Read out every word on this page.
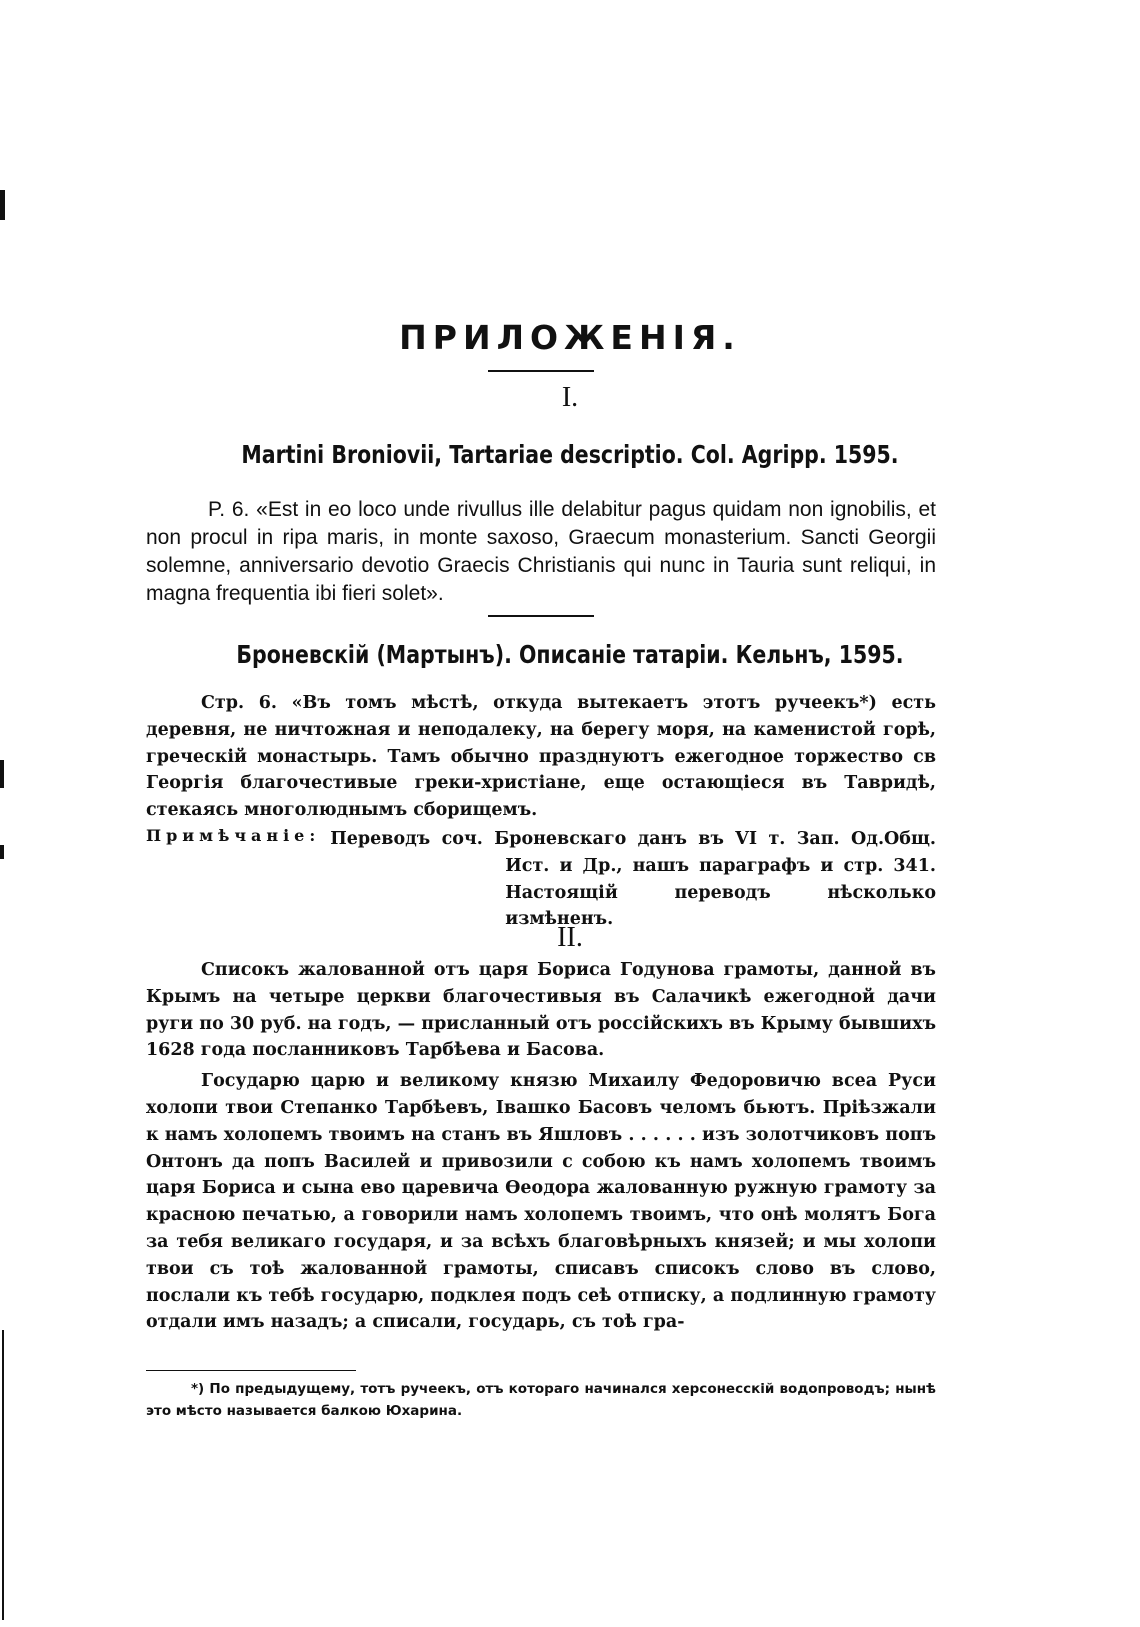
ПРИЛОЖЕНІЯ.
I.
Martini Broniovii, Tartariae descriptio. Col. Agripp. 1595.
P. 6. «Est in eo loco unde rivullus ille delabitur pagus quidam non ignobilis, et non proᴄul in ripa maris, in monte saxoso, Graecum monasterium. Sancti Georgii solemne, anniversario devotio Graecis Christianis qui nunc in Tauria sunt reliqui, in magna frequentia ibi fieri solet».
Броневскій (Мартынъ). Описаніе татаріи. Кельнъ, 1595.

Стр. 6. «Въ томъ мѣстѣ, откуда вытекаетъ этотъ ручеекъ*) есть деревня, не ничтожная и неподалеку, на берегу моря, на каменистой горѣ, греческій монастырь. Тамъ обычно празднуютъ ежегодное торжество св Георгія благочестивые греки-христіане, еще остающіеся въ Тавридѣ, стекаясь многолюднымъ сборищемъ.

Примѣчаніе: Переводъ соч. Броневскаго данъ въ VI т. Зап. Од.Общ. Ист. и Др., нашъ параграфъ и стр. 341. Настоящій переводъ нѣсколько измѣненъ.
II.

Списокъ жалованной отъ царя Бориса Годунова грамоты, данной въ Крымъ на четыре церкви благочестивыя въ Салачикѣ ежегодной дачи руги по 30 руб. на годъ, — присланный отъ россійскихъ въ Крыму бывшихъ 1628 года посланниковъ Тарбѣева и Басова.

Государю царю и великому князю Михаилу Федоровичю всеа Руси холопи твои Степанко Тарбѣевъ, Івашко Басовъ челомъ бьютъ. Пріѣзжали к намъ холопемъ твоимъ на станъ въ Яшловъ . . . . . . изъ золотчиковъ попъ Онтонъ да попъ Василей и привозили с собою къ намъ холопемъ твоимъ царя Бориса и сына ево царевича Ѳеодора жалованную ружную грамоту за красною печатью, а говорили намъ холопемъ твоимъ, что онѣ молятъ Бога за тебя великаго государя, и за всѣхъ благовѣрныхъ князей; и мы холопи твои съ тоѣ жалованной грамоты, списавъ списокъ слово въ слово, послали къ тебѣ государю, подклея подъ сеѣ отписку, а подлинную грамоту отдали имъ назадъ; а списали, государь, съ тоѣ гра-

*) По предыдущему, тотъ ручеекъ, отъ котораго начинался херсонесскій водопроводъ; нынѣ это мѣсто называется балкою Юхарина.
